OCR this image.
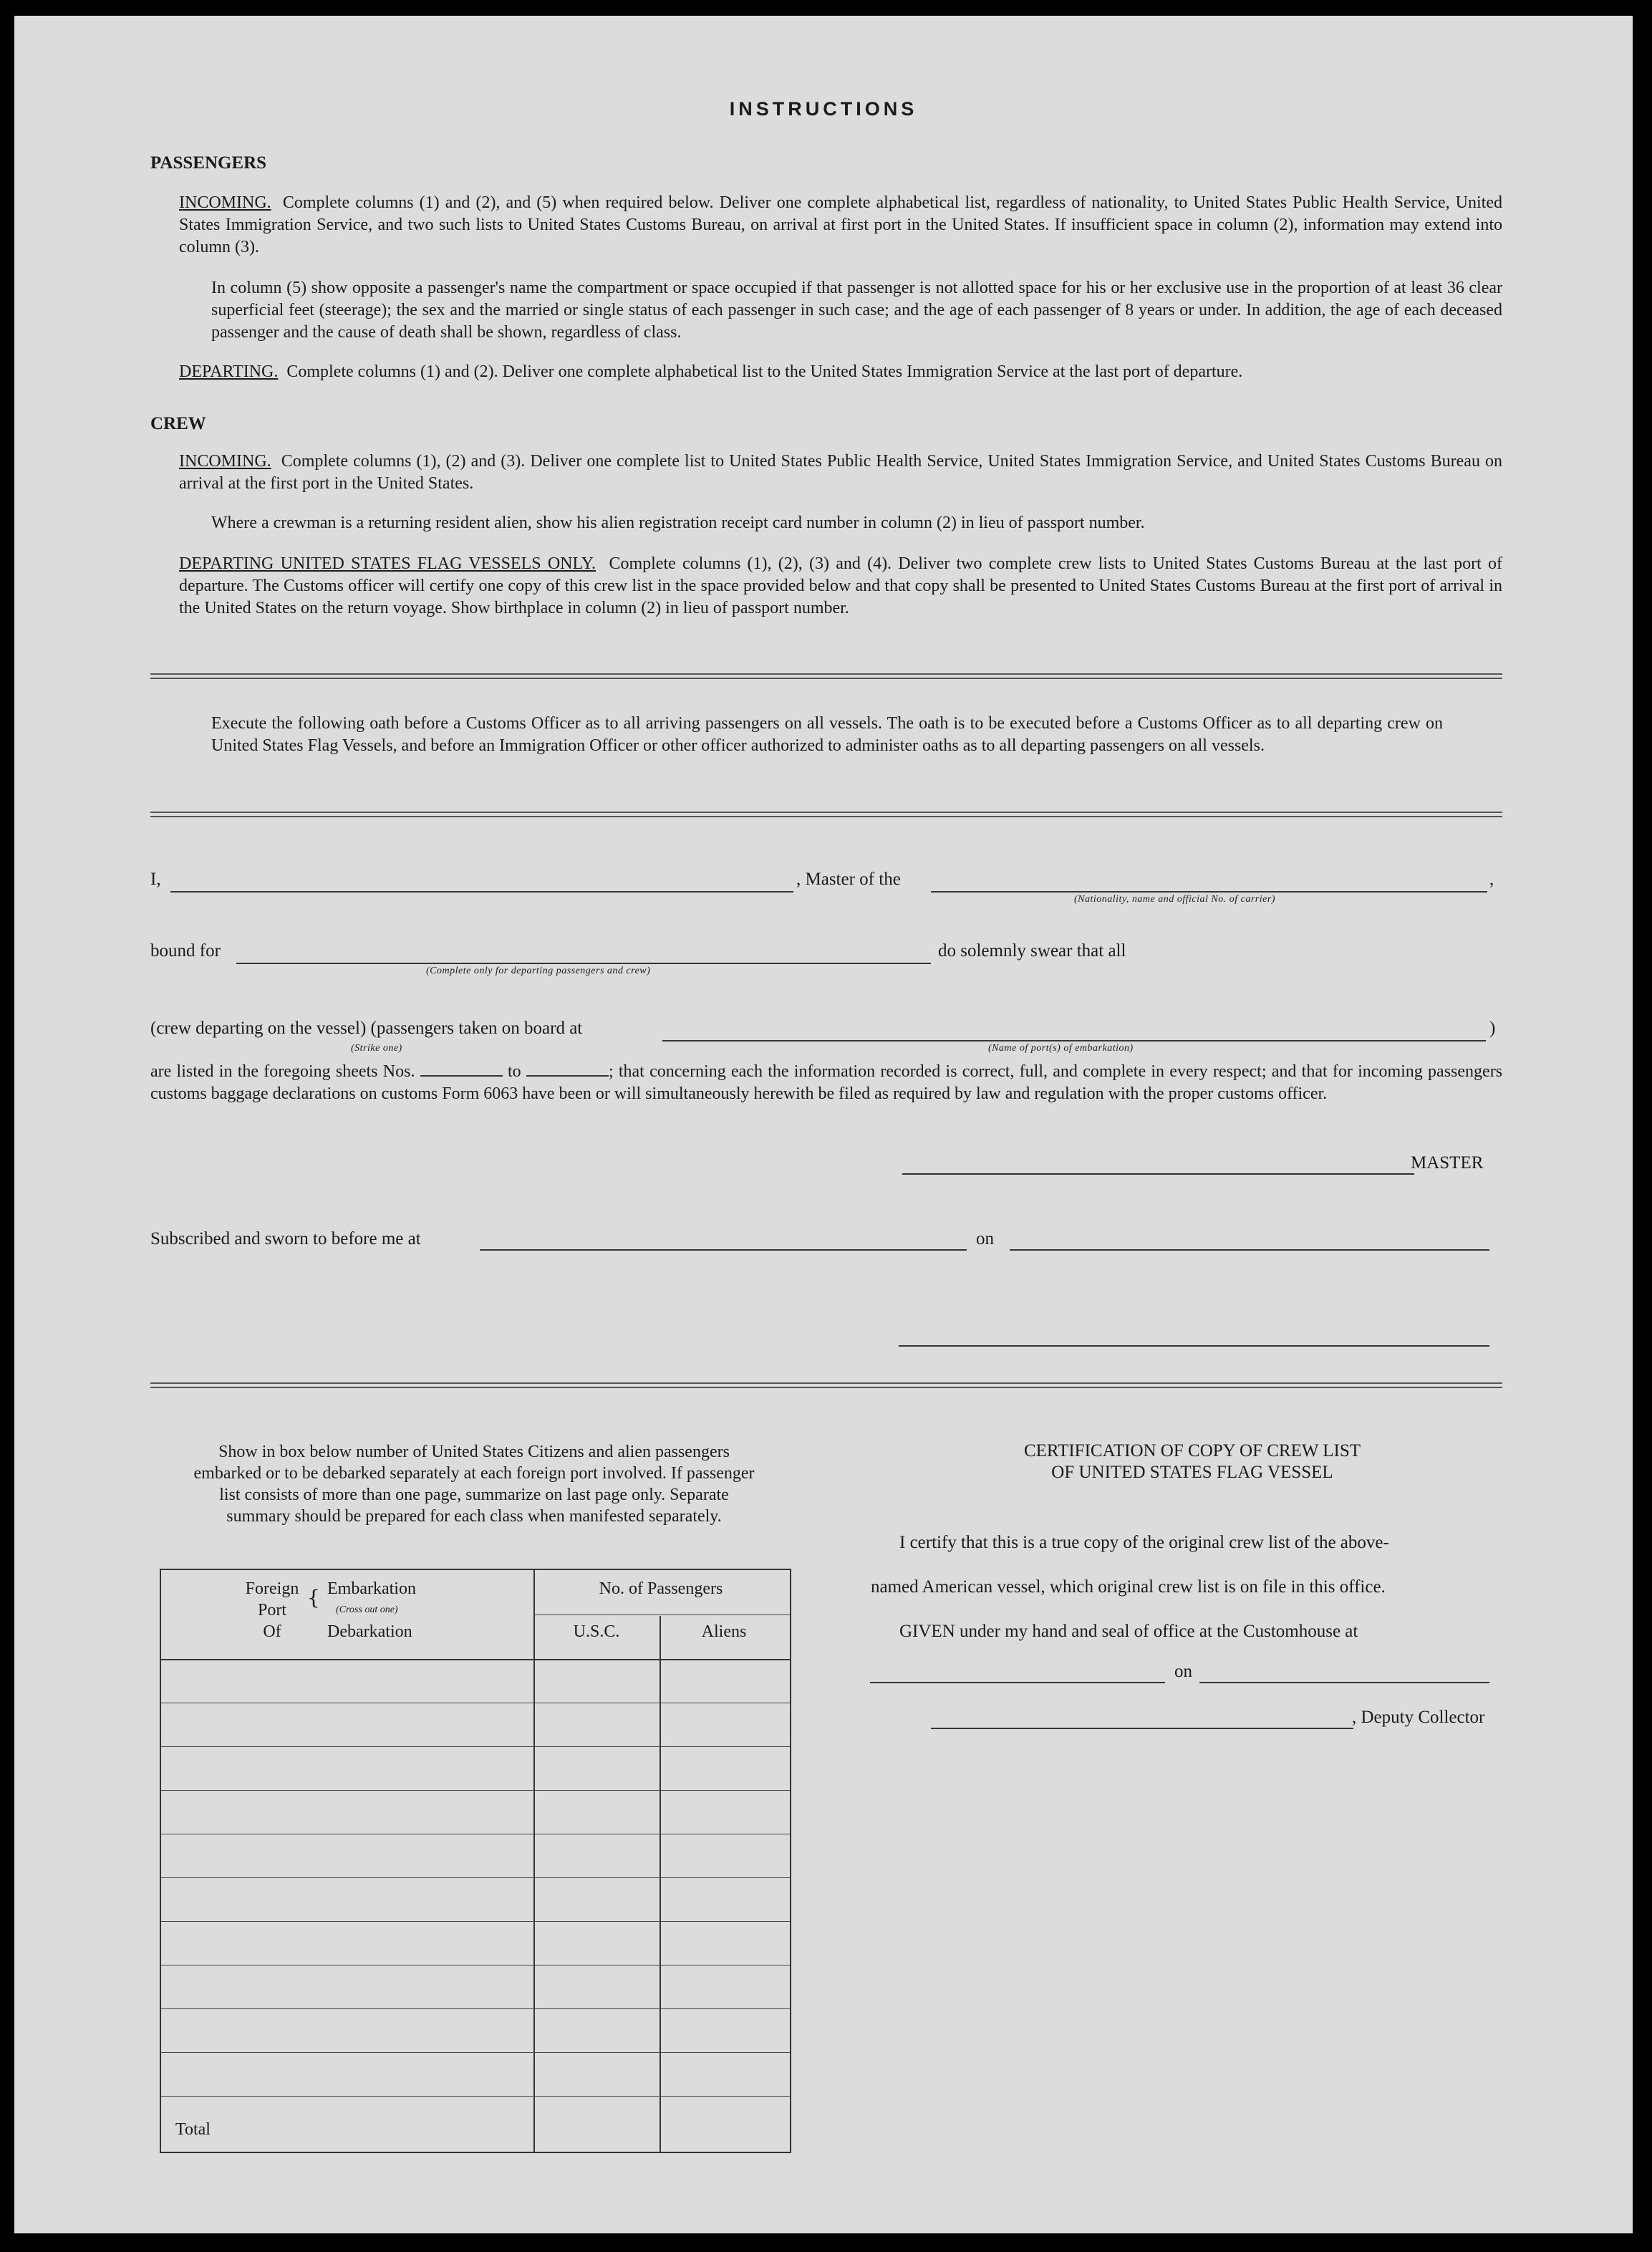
INSTRUCTIONS
PASSENGERS

INCOMING. Complete columns (1) and (2), and (5) when required below. Deliver one complete alphabetical list, regardless of nationality, to United States Public Health Service, United States Immigration Service, and two such lists to United States Customs Bureau, on arrival at first port in the United States. If insufficient space in column (2), information may extend into column (3).

In column (5) show opposite a passenger's name the compartment or space occupied if that passenger is not allotted space for his or her exclusive use in the proportion of at least 36 clear superficial feet (steerage); the sex and the married or single status of each passenger in such case; and the age of each passenger of 8 years or under. In addition, the age of each deceased passenger and the cause of death shall be shown, regardless of class.

DEPARTING. Complete columns (1) and (2). Deliver one complete alphabetical list to the United States Immigration Service at the last port of departure.

CREW

INCOMING. Complete columns (1), (2) and (3). Deliver one complete list to United States Public Health Service, United States Immigration Service, and United States Customs Bureau on arrival at the first port in the United States.

Where a crewman is a returning resident alien, show his alien registration receipt card number in column (2) in lieu of passport number.

DEPARTING UNITED STATES FLAG VESSELS ONLY. Complete columns (1), (2), (3) and (4). Deliver two complete crew lists to United States Customs Bureau at the last port of departure. The Customs officer will certify one copy of this crew list in the space provided below and that copy shall be presented to United States Customs Bureau at the first port of arrival in the United States on the return voyage. Show birthplace in column (2) in lieu of passport number.

Execute the following oath before a Customs Officer as to all arriving passengers on all vessels. The oath is to be executed before a Customs Officer as to all departing crew on United States Flag Vessels, and before an Immigration Officer or other officer authorized to administer oaths as to all departing passengers on all vessels.

I,	, Master of the	,
(Nationality, name and official No. of carrier)
bound for
(Complete only for departing passengers and crew)
do solemnly swear that all
(crew departing on the vessel) (passengers taken on board at	)
(Strike one)	(Name of port(s) of embarkation)

are listed in the foregoing sheets Nos.	to	; that concerning each the information recorded is correct, full, and complete in every respect; and that for incoming passengers customs baggage declarations on customs Form 6063 have been or will simultaneously herewith be filed as required by law and regulation with the proper customs officer.

MASTER
Subscribed and sworn to before me at	on

Show in box below number of United States Citizens and alien passengers embarked or to be debarked separately at each foreign port involved. If passenger list consists of more than one page, summarize on last page only. Separate summary should be prepared for each class when manifested separately.

Foreign
Port
Of
{ Embarkation
(Cross out one)
Debarkation
No. of Passengers
U.S.C.	Aliens
Total
CERTIFICATION OF COPY OF CREW LIST
OF UNITED STATES FLAG VESSEL
I certify that this is a true copy of the original crew list of the above-
named American vessel, which original crew list is on file in this office.
GIVEN under my hand and seal of office at the Customhouse at
on
, Deputy Collector
